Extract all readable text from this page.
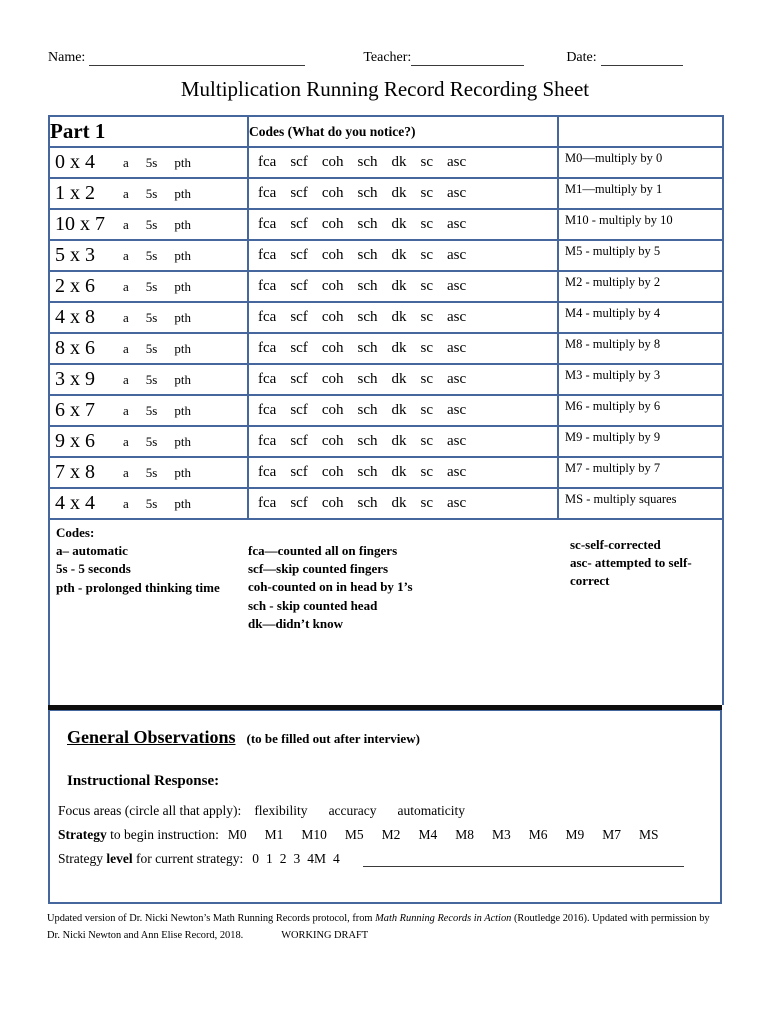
Name:	Teacher:	Date:
Multiplication Running Record Recording Sheet
Part 1	Codes (What do you notice?)	

0 x 4	a 5s pth	fca scf coh sch dk sc asc	M0—multiply by 0

1 x 2	a 5s pth	fca scf coh sch dk sc asc	M1—multiply by 1

10 x 7	a 5s pth	fca scf coh sch dk sc asc	M10 - multiply by 10

5 x 3	a 5s pth	fca scf coh sch dk sc asc	M5 - multiply by 5

2 x 6	a 5s pth	fca scf coh sch dk sc asc	M2 - multiply by 2

4 x 8	a 5s pth	fca scf coh sch dk sc asc	M4 - multiply by 4

8 x 6	a 5s pth	fca scf coh sch dk sc asc	M8 - multiply by 8

3 x 9	a 5s pth	fca scf coh sch dk sc asc	M3 - multiply by 3

6 x 7	a 5s pth	fca scf coh sch dk sc asc	M6 - multiply by 6

9 x 6	a 5s pth	fca scf coh sch dk sc asc	M9 - multiply by 9

7 x 8	a 5s pth	fca scf coh sch dk sc asc	M7 - multiply by 7

4 x 4	a 5s pth	fca scf coh sch dk sc asc	MS - multiply squares

Codes:
a– automatic
5s - 5 seconds
pth - prolonged thinking time
fca—counted all on fingers
scf—skip counted fingers
coh-counted on in head by 1’s
sch - skip counted head
dk—didn’t know
sc-self-corrected
asc- attempted to self-correct
General Observations (to be filled out after interview)
Instructional Response:
Focus areas (circle all that apply): flexibility accuracy automaticity
Strategy to begin instruction: M0 M1 M10 M5 M2 M4 M8 M3 M6 M9 M7 MS
Strategy level for current strategy: 0 1 2 3 4M 4
Updated version of Dr. Nicki Newton’s Math Running Records protocol, from Math Running Records in Action (Routledge 2016). Updated with permission by
Dr. Nicki Newton and Ann Elise Record, 2018.	WORKING DRAFT
